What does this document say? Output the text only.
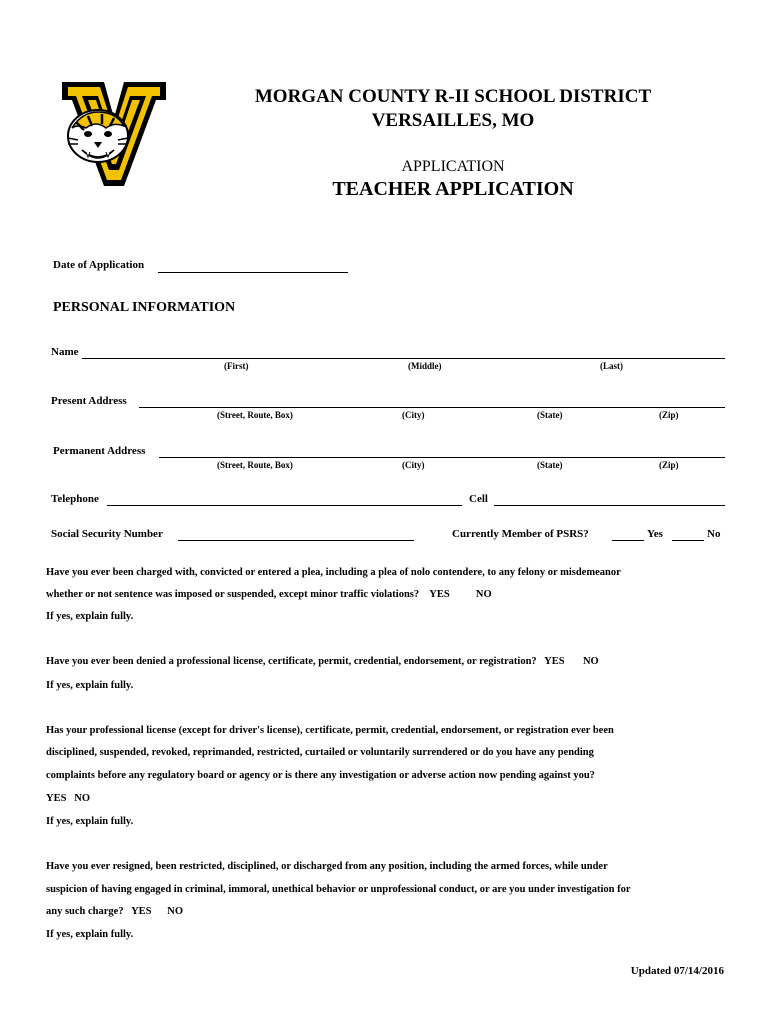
MORGAN COUNTY R-II SCHOOL DISTRICT
VERSAILLES, MO
APPLICATION
TEACHER APPLICATION
Date of Application
PERSONAL INFORMATION
Name
(First)	(Middle)	(Last)
Present Address
(Street, Route, Box)	(City)	(State)	(Zip)
Permanent Address
(Street, Route, Box)	(City)	(State)	(Zip)
Telephone	Cell
Social Security Number	Currently Member of PSRS?	Yes	No
Have you ever been charged with, convicted or entered a plea, including a plea of nolo contendere, to any felony or misdemeanor
whether or not sentence was imposed or suspended, except minor traffic violations?    YES          NO
If yes, explain fully.
Have you ever been denied a professional license, certificate, permit, credential, endorsement, or registration?   YES       NO
If yes, explain fully.
Has your professional license (except for driver's license), certificate, permit, credential, endorsement, or registration ever been
disciplined, suspended, revoked, reprimanded, restricted, curtailed or voluntarily surrendered or do you have any pending
complaints before any regulatory board or agency or is there any investigation or adverse action now pending against you?
YES   NO
If yes, explain fully.
Have you ever resigned, been restricted, disciplined, or discharged from any position, including the armed forces, while under
suspicion of having engaged in criminal, immoral, unethical behavior or unprofessional conduct, or are you under investigation for
any such charge?   YES      NO
If yes, explain fully.
Updated 07/14/2016
